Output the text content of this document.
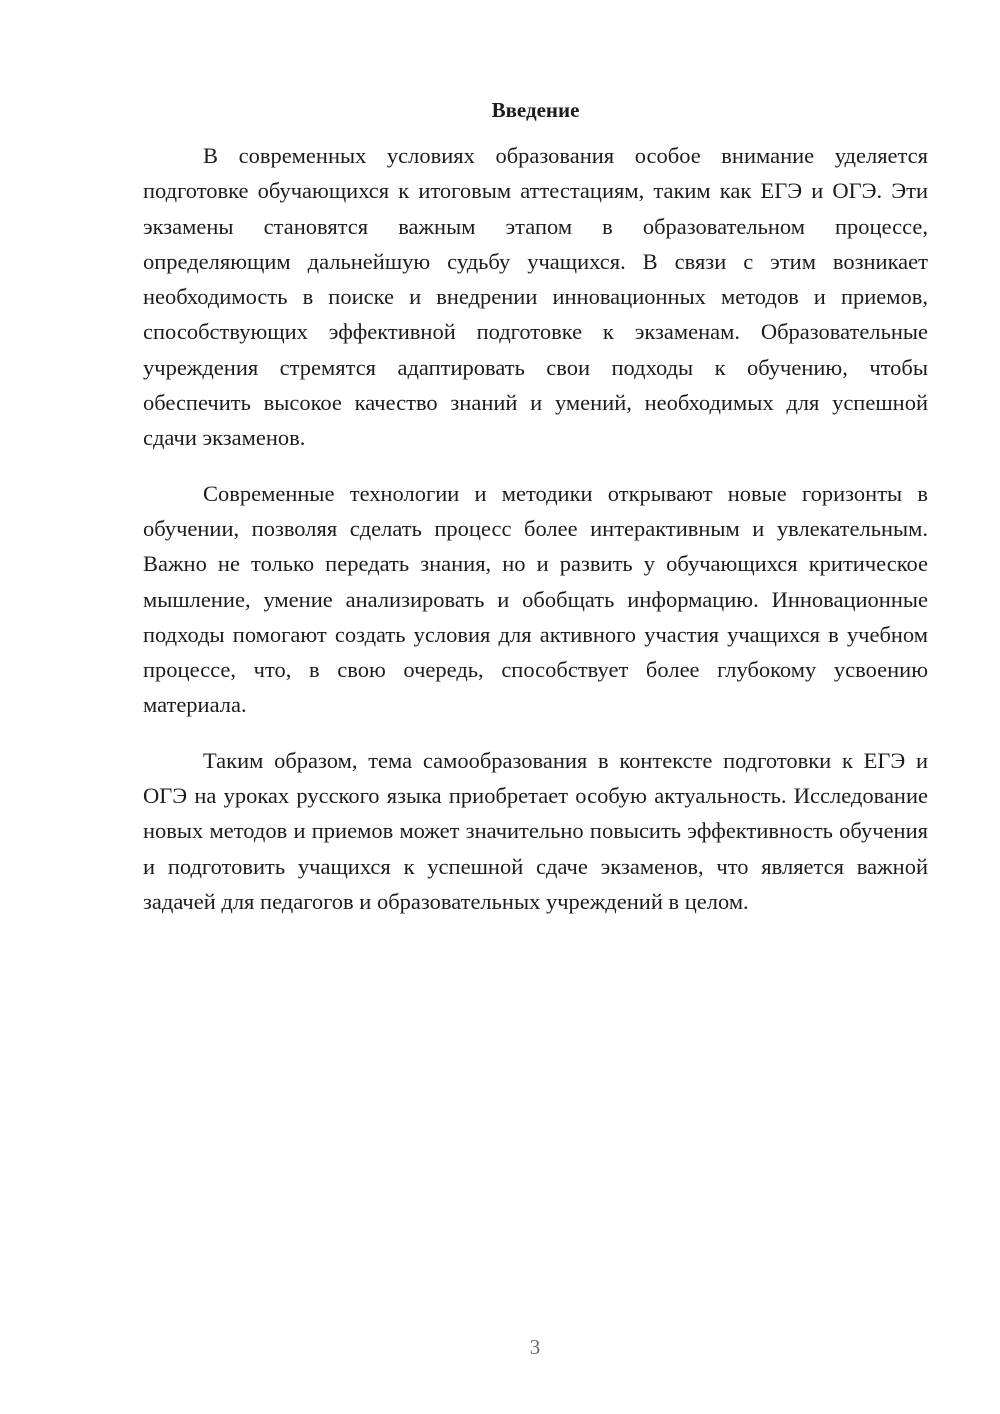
Введение

В современных условиях образования особое внимание уделяется подготовке обучающихся к итоговым аттестациям, таким как ЕГЭ и ОГЭ. Эти экзамены становятся важным этапом в образовательном процессе, определяющим дальнейшую судьбу учащихся. В связи с этим возникает необходимость в поиске и внедрении инновационных методов и приемов, способствующих эффективной подготовке к экзаменам. Образовательные учреждения стремятся адаптировать свои подходы к обучению, чтобы обеспечить высокое качество знаний и умений, необходимых для успешной сдачи экзаменов.

Современные технологии и методики открывают новые горизонты в обучении, позволяя сделать процесс более интерактивным и увлекательным. Важно не только передать знания, но и развить у обучающихся критическое мышление, умение анализировать и обобщать информацию. Инновационные подходы помогают создать условия для активного участия учащихся в учебном процессе, что, в свою очередь, способствует более глубокому усвоению материала.

Таким образом, тема самообразования в контексте подготовки к ЕГЭ и ОГЭ на уроках русского языка приобретает особую актуальность. Исследование новых методов и приемов может значительно повысить эффективность обучения и подготовить учащихся к успешной сдаче экзаменов, что является важной задачей для педагогов и образовательных учреждений в целом.

3
